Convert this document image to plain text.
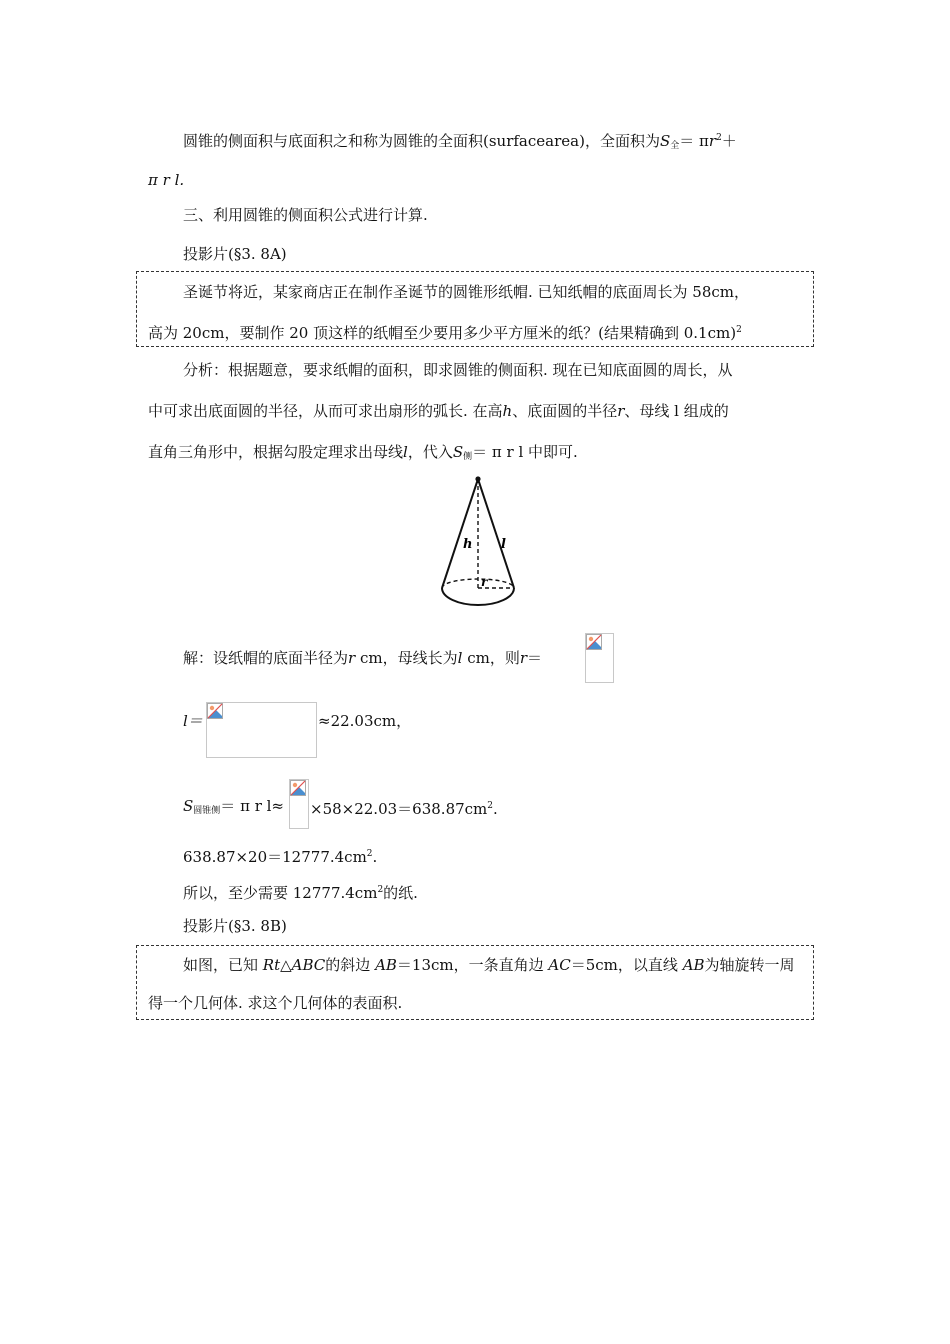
圆锥的侧面积与底面积之和称为圆锥的全面积(surfacearea)，全面积为$S_全= \pi r^2+$
π r l.
三、利用圆锥的侧面积公式进行计算.
投影片(§3. 8A)
圣诞节将近，某家商店正在制作圣诞节的圆锥形纸帽. 已知纸帽的底面周长为 58cm，
高为 20cm，要制作 20 顶这样的纸帽至少要用多少平方厘米的纸？(结果精确到 0.1cm)$^2$
分析：根据题意，要求纸帽的面积，即求圆锥的侧面积. 现在已知底面圆的周长，从
中可求出底面圆的半径，从而可求出扇形的弧长. 在高h、底面圆的半径r、母线 l 组成的
直角三角形中，根据勾股定理求出母线l，代入$S_侧= \pi$ r l 中即可.
h l
r
解：设纸帽的底面半径为r cm，母线长为l cm，则r＝
l＝	≈22.03cm，
$S_{圆锥侧}= \pi$ r $l\approx \times 58\times 22.03=638.87cm^2$.
$638.87\times 20=12777.4cm^2$.
所以，至少需要 $12777.4cm^2$的纸.
投影片(§3. 8B)
如图，已知 Rt△ABC的斜边 AB＝13cm，一条直角边 AC＝5cm，以直线 AB为轴旋转一周
得一个几何体. 求这个几何体的表面积.
